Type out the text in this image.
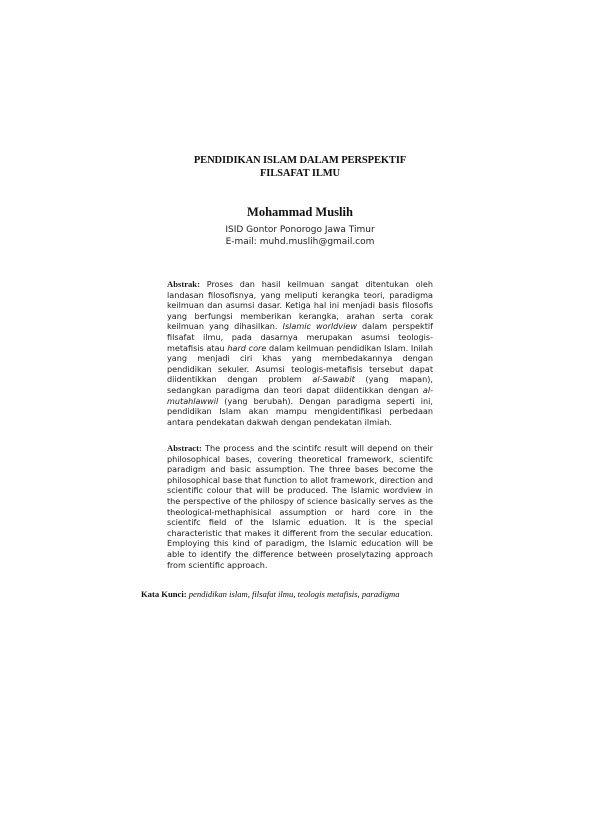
PENDIDIKAN ISLAM DALAM PERSPEKTIF
FILSAFAT ILMU
Mohammad Muslih
ISID Gontor Ponorogo Jawa Timur
E-mail: muhd.muslih@gmail.com
Abstrak: Proses dan hasil keilmuan sangat ditentukan oleh landasan filosofisnya, yang meliputi kerangka teori, paradigma keilmuan dan asumsi dasar. Ketiga hal ini menjadi basis filosofis yang berfungsi memberikan kerangka, arahan serta corak keilmuan yang dihasilkan. Islamic worldview dalam perspektif filsafat ilmu, pada dasarnya merupakan asumsi teologis-metafisis atau hard core dalam keilmuan pendidikan Islam. Inilah yang menjadi ciri khas yang membedakannya dengan pendidikan sekuler. Asumsi teologis-metafisis tersebut dapat diidentikkan dengan problem al-Sawabit (yang mapan), sedangkan paradigma dan teori dapat diidentikkan dengan al-mutahlawwil (yang berubah). Dengan paradigma seperti ini, pendidikan Islam akan mampu mengidentifikasi perbedaan antara pendekatan dakwah dengan pendekatan ilmiah.
Abstract: The process and the scintifc result will depend on their philosophical bases, covering theoretical framework, scientifc paradigm and basic assumption. The three bases become the philosophical base that function to allot framework, direction and scientific colour that will be produced. The Islamic wordview in the perspective of the philospy of science basically serves as the theological-methaphisical assumption or hard core in the scientifc field of the Islamic eduation. It is the special characteristic that makes it different from the secular education. Employing this kind of paradigm, the Islamic education will be able to identify the difference between proselytazing approach from scientific approach.
Kata Kunci: pendidikan islam, filsafat ilmu, teologis metafisis, paradigma
